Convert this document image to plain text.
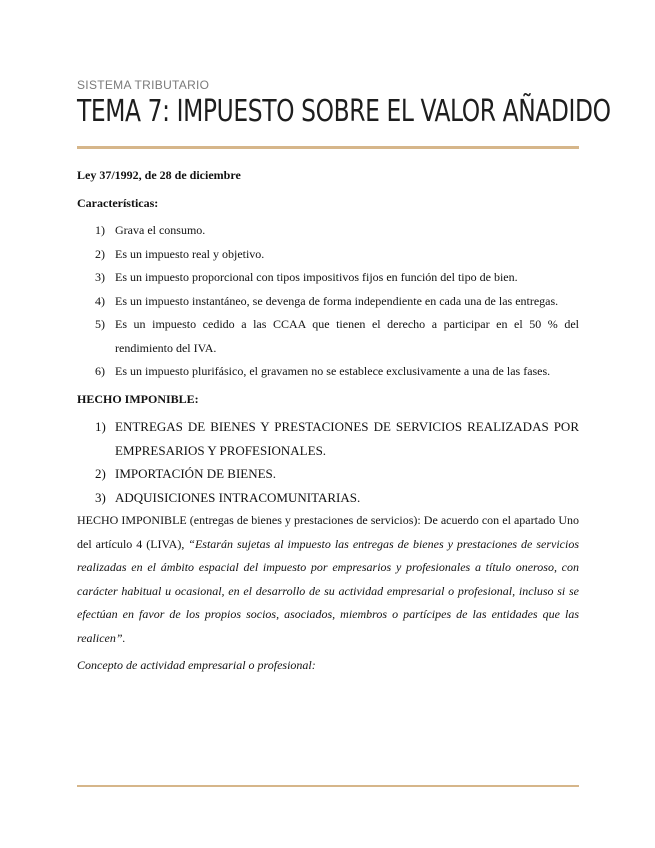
SISTEMA TRIBUTARIO
TEMA 7: IMPUESTO SOBRE EL VALOR AÑADIDO
Ley 37/1992, de 28 de diciembre
Características:
1) Grava el consumo.
2) Es un impuesto real y objetivo.
3) Es un impuesto proporcional con tipos impositivos fijos en función del tipo de bien.
4) Es un impuesto instantáneo, se devenga de forma independiente en cada una de las entregas.
5) Es un impuesto cedido a las CCAA que tienen el derecho a participar en el 50 % del rendimiento del IVA.
6) Es un impuesto plurifásico, el gravamen no se establece exclusivamente a una de las fases.
HECHO IMPONIBLE:
1) ENTREGAS DE BIENES Y PRESTACIONES DE SERVICIOS REALIZADAS POR EMPRESARIOS Y PROFESIONALES.
2) IMPORTACIÓN DE BIENES.
3) ADQUISICIONES INTRACOMUNITARIAS.

HECHO IMPONIBLE (entregas de bienes y prestaciones de servicios): De acuerdo con el apartado Uno del artículo 4 (LIVA), “Estarán sujetas al impuesto las entregas de bienes y prestaciones de servicios realizadas en el ámbito espacial del impuesto por empresarios y profesionales a título oneroso, con carácter habitual u ocasional, en el desarrollo de su actividad empresarial o profesional, incluso si se efectúan en favor de los propios socios, asociados, miembros o partícipes de las entidades que las realicen”.

Concepto de actividad empresarial o profesional:
